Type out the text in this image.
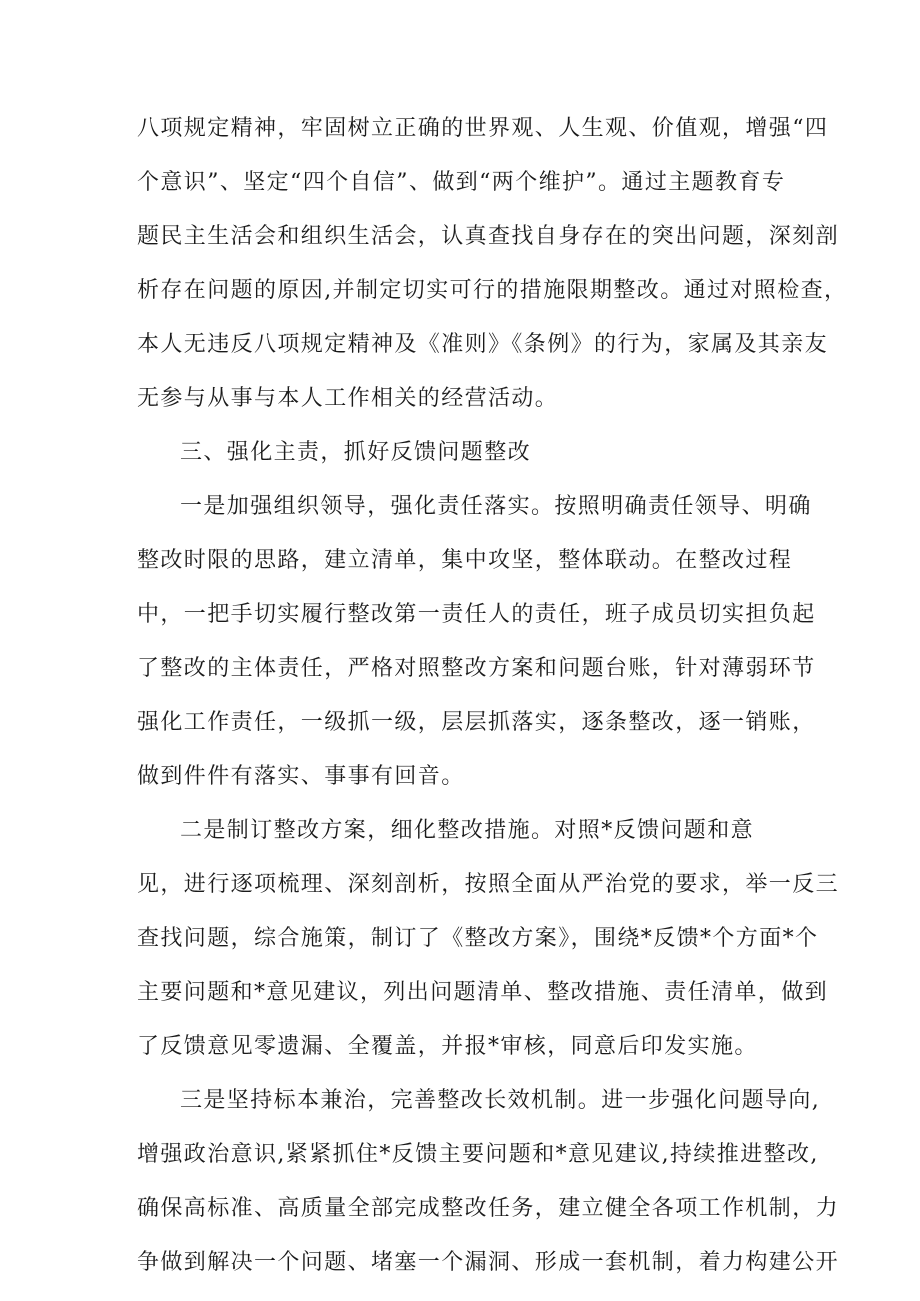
八项规定精神，牢固树立正确的世界观、人生观、价值观，增强“四
个意识”、坚定“四个自信”、做到“两个维护”。通过主题教育专
题民主生活会和组织生活会，认真查找自身存在的突出问题，深刻剖
析存在问题的原因,并制定切实可行的措施限期整改。通过对照检查，
本人无违反八项规定精神及《准则》《条例》的行为，家属及其亲友
无参与从事与本人工作相关的经营活动。
三、强化主责，抓好反馈问题整改
一是加强组织领导，强化责任落实。按照明确责任领导、明确
整改时限的思路，建立清单，集中攻坚，整体联动。在整改过程
中，一把手切实履行整改第一责任人的责任，班子成员切实担负起
了整改的主体责任，严格对照整改方案和问题台账，针对薄弱环节
强化工作责任，一级抓一级，层层抓落实，逐条整改，逐一销账，
做到件件有落实、事事有回音。
二是制订整改方案，细化整改措施。对照*反馈问题和意
见，进行逐项梳理、深刻剖析，按照全面从严治党的要求，举一反三
查找问题，综合施策，制订了《整改方案》，围绕*反馈*个方面*个
主要问题和*意见建议，列出问题清单、整改措施、责任清单，做到
了反馈意见零遗漏、全覆盖，并报*审核，同意后印发实施。
三是坚持标本兼治，完善整改长效机制。进一步强化问题导向,
增强政治意识,紧紧抓住*反馈主要问题和*意见建议,持续推进整改,
确保高标准、高质量全部完成整改任务，建立健全各项工作机制，力
争做到解决一个问题、堵塞一个漏洞、形成一套机制，着力构建公开
